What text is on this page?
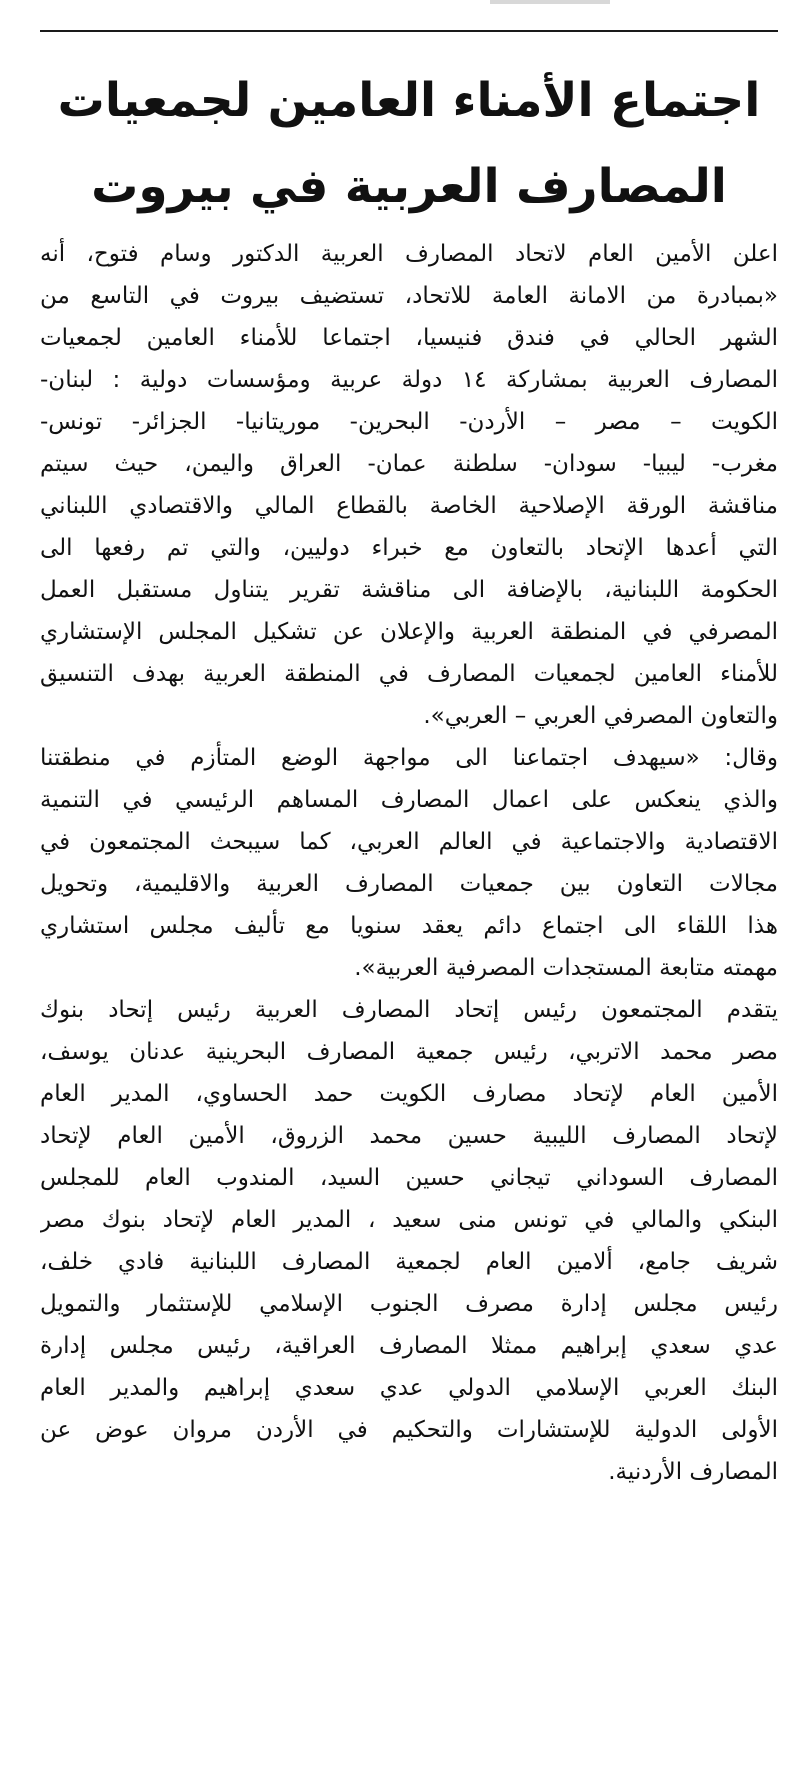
اجتماع الأمناء العامين لجمعيات
المصارف العربية في بيروت
اعلن الأمين العام لاتحاد المصارف العربية الدكتور وسام فتوح، أنه
«بمبادرة من الامانة العامة للاتحاد، تستضيف بيروت في التاسع من
الشهر الحالي في فندق فنيسيا، اجتماعا للأمناء العامين لجمعيات
المصارف العربية بمشاركة ١٤ دولة عربية ومؤسسات دولية : لبنان-
الكويت – مصر – الأردن- البحرين- موريتانيا- الجزائر- تونس-
مغرب- ليبيا- سودان- سلطنة عمان- العراق واليمن، حيث سيتم
مناقشة الورقة الإصلاحية الخاصة بالقطاع المالي والاقتصادي اللبناني
التي أعدها الإتحاد بالتعاون مع خبراء دوليين، والتي تم رفعها الى
الحكومة اللبنانية، بالإضافة الى مناقشة تقرير يتناول مستقبل العمل
المصرفي في المنطقة العربية والإعلان عن تشكيل المجلس الإستشاري
للأمناء العامين لجمعيات المصارف في المنطقة العربية بهدف التنسيق
والتعاون المصرفي العربي – العربي».
وقال: «سيهدف اجتماعنا الى مواجهة الوضع المتأزم في منطقتنا
والذي ينعكس على اعمال المصارف المساهم الرئيسي في التنمية
الاقتصادية والاجتماعية في العالم العربي، كما سيبحث المجتمعون في
مجالات التعاون بين جمعيات المصارف العربية والاقليمية، وتحويل
هذا اللقاء الى اجتماع دائم يعقد سنويا مع تأليف مجلس استشاري
مهمته متابعة المستجدات المصرفية العربية».
يتقدم المجتمعون رئيس إتحاد المصارف العربية رئيس إتحاد بنوك
مصر محمد الاتربي، رئيس جمعية المصارف البحرينية عدنان يوسف،
الأمين العام لإتحاد مصارف الكويت حمد الحساوي، المدير العام
لإتحاد المصارف الليبية حسين محمد الزروق، الأمين العام لإتحاد
المصارف السوداني تيجاني حسين السيد، المندوب العام للمجلس
البنكي والمالي في تونس منى سعيد ، المدير العام لإتحاد بنوك مصر
شريف جامع، ألامين العام لجمعية المصارف اللبنانية فادي خلف،
رئيس مجلس إدارة مصرف الجنوب الإسلامي للإستثمار والتمويل
عدي سعدي إبراهيم ممثلا المصارف العراقية، رئيس مجلس إدارة
البنك العربي الإسلامي الدولي عدي سعدي إبراهيم والمدير العام
الأولى الدولية للإستشارات والتحكيم في الأردن مروان عوض عن
المصارف الأردنية.
